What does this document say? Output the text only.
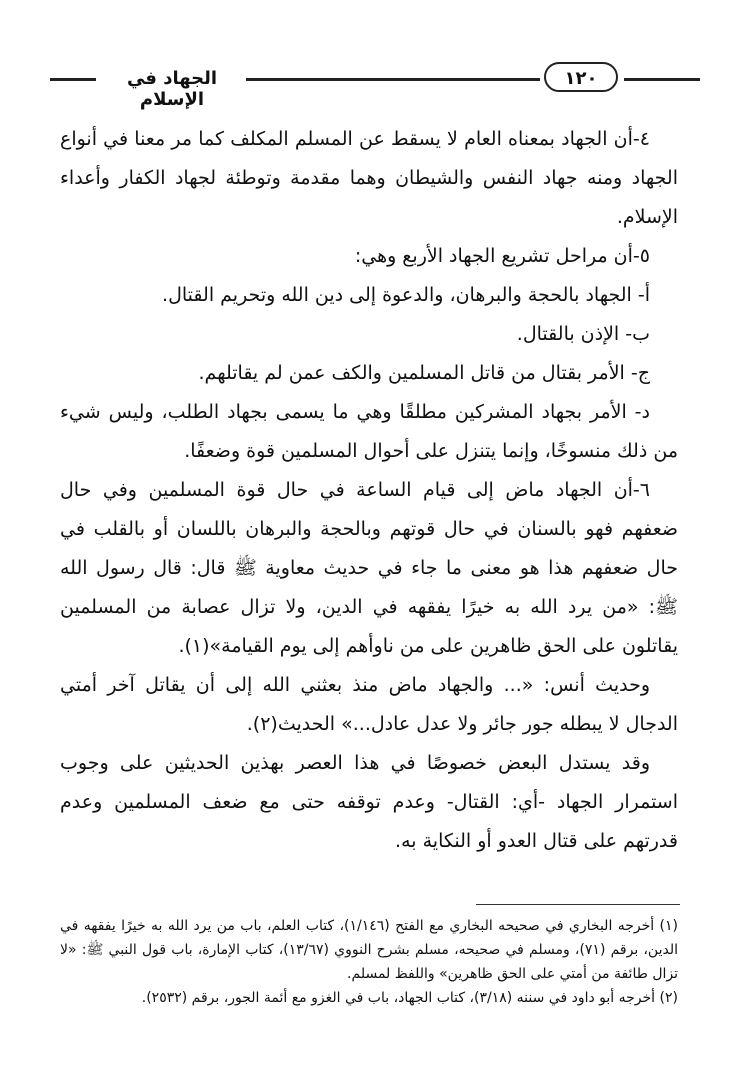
الجهاد في الإسلام
١٢٠

٤-أن الجهاد بمعناه العام لا يسقط عن المسلم المكلف كما مر معنا في أنواع الجهاد ومنه جهاد النفس والشيطان وهما مقدمة وتوطئة لجهاد الكفار وأعداء الإسلام.

٥-أن مراحل تشريع الجهاد الأربع وهي:

أ- الجهاد بالحجة والبرهان، والدعوة إلى دين الله وتحريم القتال.

ب- الإذن بالقتال.

ج- الأمر بقتال من قاتل المسلمين والكف عمن لم يقاتلهم.

د- الأمر بجهاد المشركين مطلقًا وهي ما يسمى بجهاد الطلب، وليس شيء من ذلك منسوخًا، وإنما يتنزل على أحوال المسلمين قوة وضعفًا.

٦-أن الجهاد ماض إلى قيام الساعة في حال قوة المسلمين وفي حال ضعفهم فهو بالسنان في حال قوتهم وبالحجة والبرهان باللسان أو بالقلب في حال ضعفهم هذا هو معنى ما جاء في حديث معاوية ﷺ قال: قال رسول الله ﷺ: «من يرد الله به خيرًا يفقهه في الدين، ولا تزال عصابة من المسلمين يقاتلون على الحق ظاهرين على من ناوأهم إلى يوم القيامة»(١).

وحديث أنس: «... والجهاد ماض منذ بعثني الله إلى أن يقاتل آخر أمتي الدجال لا يبطله جور جائر ولا عدل عادل...» الحديث(٢).

وقد يستدل البعض خصوصًا في هذا العصر بهذين الحديثين على وجوب استمرار الجهاد -أي: القتال- وعدم توقفه حتى مع ضعف المسلمين وعدم قدرتهم على قتال العدو أو النكاية به.

(١) أخرجه البخاري في صحيحه البخاري مع الفتح (١/١٤٦)، كتاب العلم، باب من يرد الله به خيرًا يفقهه في الدين، برقم (٧١)، ومسلم في صحيحه، مسلم بشرح النووي (١٣/٦٧)، كتاب الإمارة، باب قول النبي ﷺ: «لا تزال طائفة من أمتي على الحق ظاهرين» واللفظ لمسلم.

(٢) أخرجه أبو داود في سننه (٣/١٨)، كتاب الجهاد، باب في الغزو مع أئمة الجور، برقم (٢٥٣٢).
